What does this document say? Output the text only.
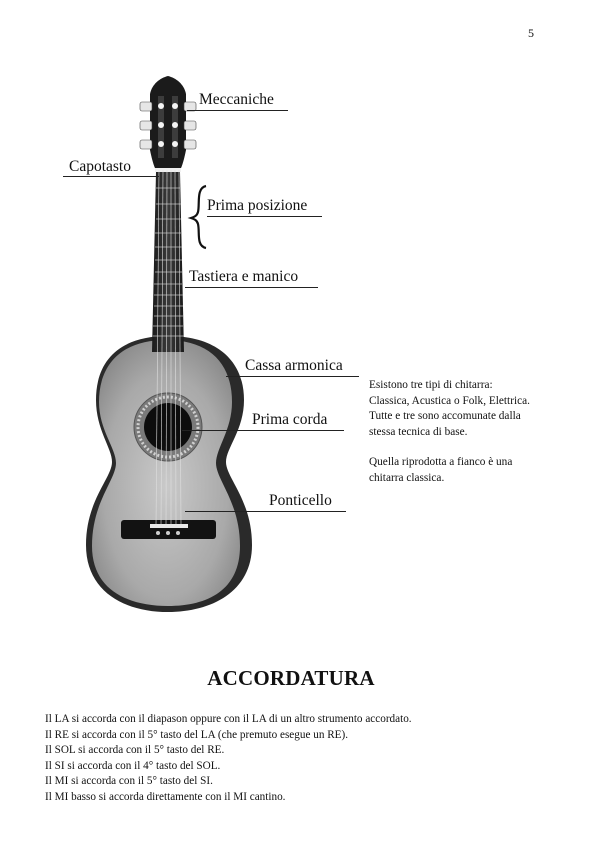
5
Meccaniche
Capotasto
Prima posizione
Tastiera e manico
Cassa armonica
Prima corda
Ponticello
Esistono tre tipi di chitarra:
Classica, Acustica o Folk, Elettrica.
Tutte e tre sono accomunate dalla
stessa tecnica di base.
Quella riprodotta a fianco è una
chitarra classica.
ACCORDATURA
Il LA si accorda con il diapason oppure con il LA di un altro strumento accordato.
Il RE si accorda con il 5° tasto del LA (che premuto esegue un RE).
Il SOL si accorda con il 5° tasto del RE.
Il SI si accorda con il 4° tasto del SOL.
Il MI si accorda con il 5° tasto del SI.
Il MI basso si accorda direttamente con il MI cantino.
